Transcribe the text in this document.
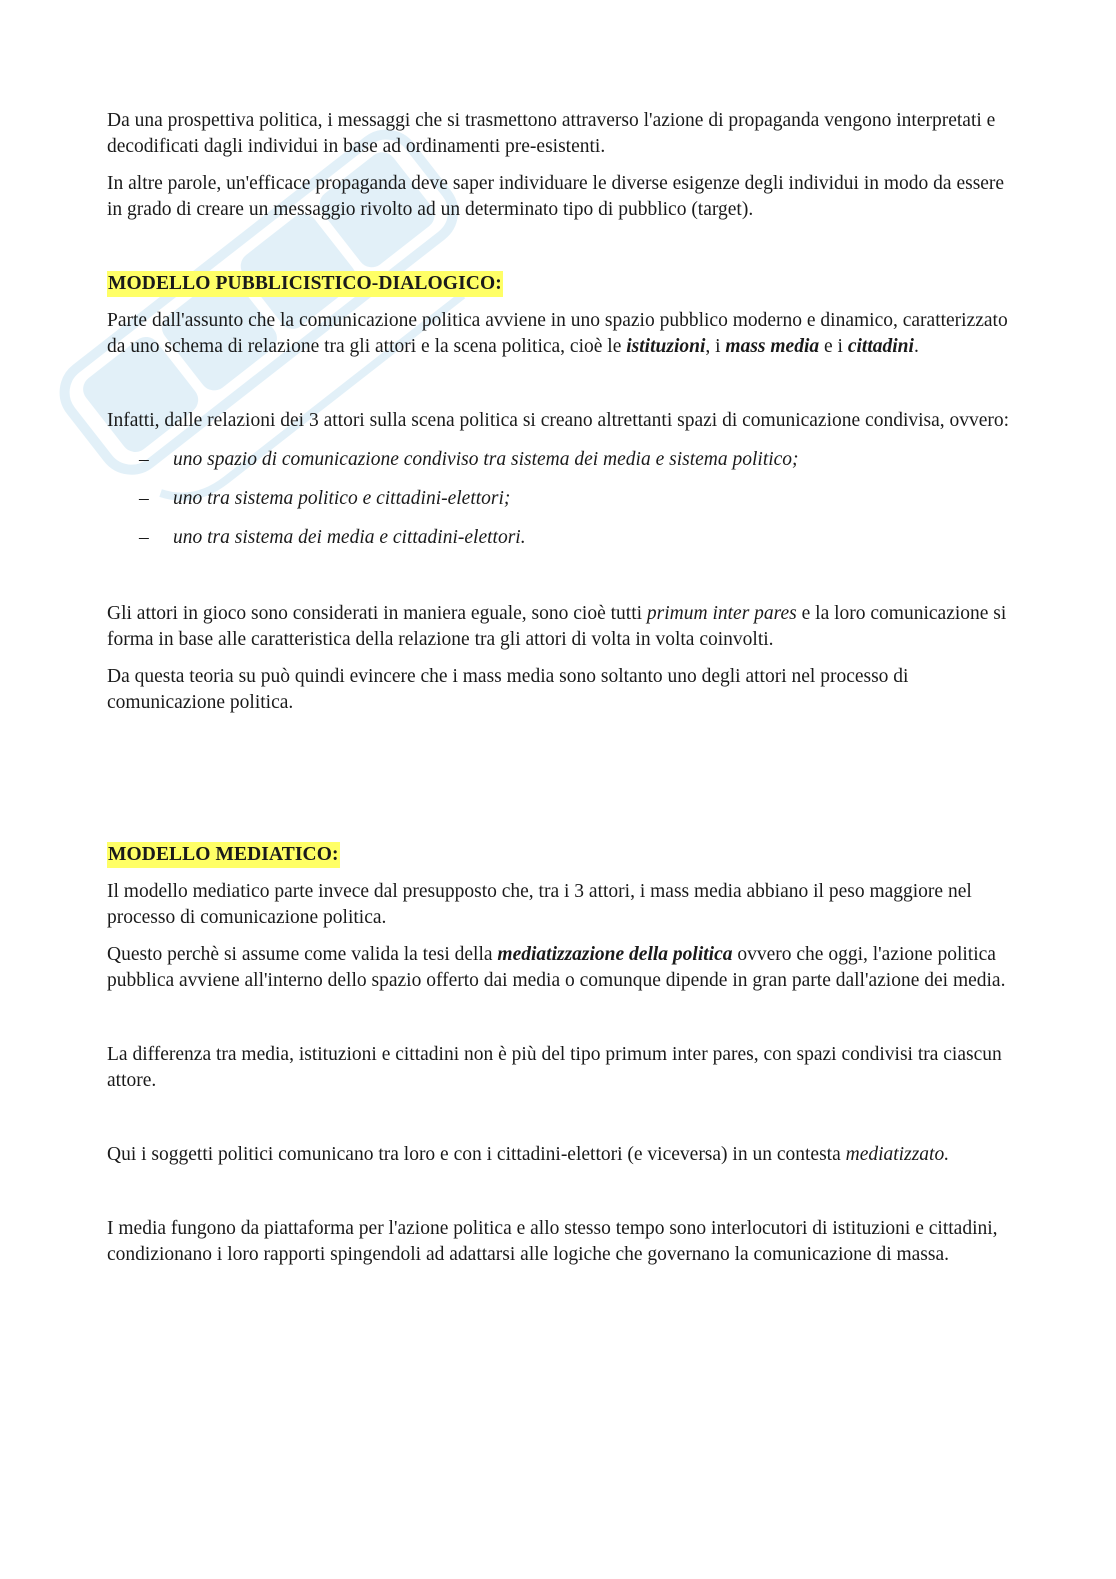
Da una prospettiva politica, i messaggi che si trasmettono attraverso l'azione di propaganda vengono interpretati e decodificati dagli individui in base ad ordinamenti pre-esistenti.

In altre parole, un'efficace propaganda deve saper individuare le diverse esigenze degli individui in modo da essere in grado di creare un messaggio rivolto ad un determinato tipo di pubblico (target).

MODELLO PUBBLICISTICO-DIALOGICO:

Parte dall'assunto che la comunicazione politica avviene in uno spazio pubblico moderno e dinamico, caratterizzato da uno schema di relazione tra gli attori e la scena politica, cioè le istituzioni, i mass media e i cittadini.

Infatti, dalle relazioni dei 3 attori sulla scena politica si creano altrettanti spazi di comunicazione condivisa, ovvero:

– uno spazio di comunicazione condiviso tra sistema dei media e sistema politico;
– uno tra sistema politico e cittadini-elettori;
– uno tra sistema dei media e cittadini-elettori.

Gli attori in gioco sono considerati in maniera eguale, sono cioè tutti primum inter pares e la loro comunicazione si forma in base alle caratteristica della relazione tra gli attori di volta in volta coinvolti.

Da questa teoria su può quindi evincere che i mass media sono soltanto uno degli attori nel processo di comunicazione politica.

MODELLO MEDIATICO:

Il modello mediatico parte invece dal presupposto che, tra i 3 attori, i mass media abbiano il peso maggiore nel processo di comunicazione politica.

Questo perchè si assume come valida la tesi della mediatizzazione della politica ovvero che oggi, l'azione politica pubblica avviene all'interno dello spazio offerto dai media o comunque dipende in gran parte dall'azione dei media.

La differenza tra media, istituzioni e cittadini non è più del tipo primum inter pares, con spazi condivisi tra ciascun attore.

Qui i soggetti politici comunicano tra loro e con i cittadini-elettori (e viceversa) in un contesta mediatizzato.

I media fungono da piattaforma per l'azione politica e allo stesso tempo sono interlocutori di istituzioni e cittadini, condizionano i loro rapporti spingendoli ad adattarsi alle logiche che governano la comunicazione di massa.
